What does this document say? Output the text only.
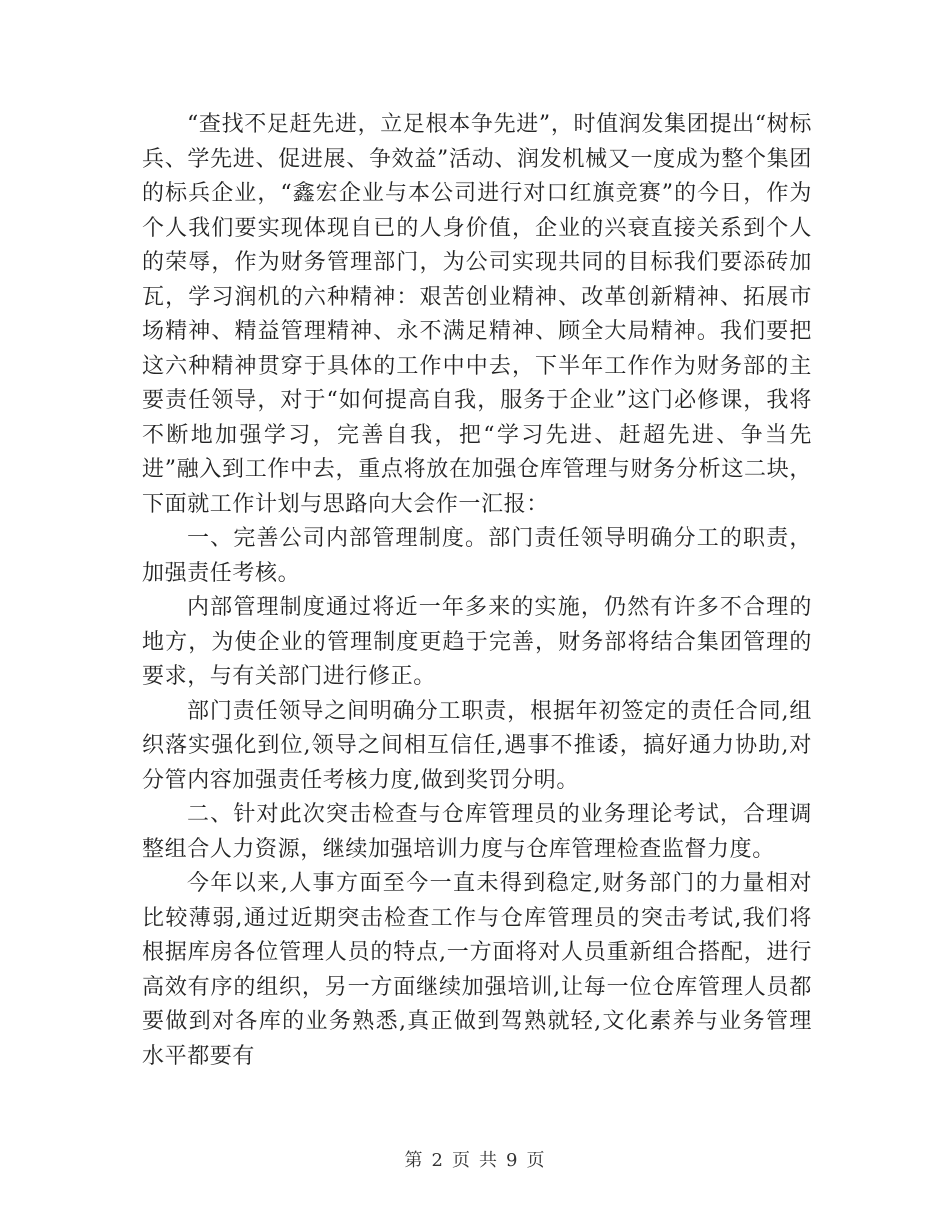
“查找不足赶先进，立足根本争先进”，时值润发集团提出“树标兵、学先进、促进展、争效益”活动、润发机械又一度成为整个集团的标兵企业，“鑫宏企业与本公司进行对口红旗竞赛”的今日，作为个人我们要实现体现自已的人身价值，企业的兴衰直接关系到个人的荣辱，作为财务管理部门，为公司实现共同的目标我们要添砖加瓦，学习润机的六种精神：艰苦创业精神、改革创新精神、拓展市场精神、精益管理精神、永不满足精神、顾全大局精神。我们要把这六种精神贯穿于具体的工作中中去，下半年工作作为财务部的主要责任领导，对于“如何提高自我，服务于企业”这门必修课，我将不断地加强学习，完善自我，把“学习先进、赶超先进、争当先进”融入到工作中去，重点将放在加强仓库管理与财务分析这二块，下面就工作计划与思路向大会作一汇报：

一、完善公司内部管理制度。部门责任领导明确分工的职责，加强责任考核。

内部管理制度通过将近一年多来的实施，仍然有许多不合理的地方，为使企业的管理制度更趋于完善，财务部将结合集团管理的要求，与有关部门进行修正。

部门责任领导之间明确分工职责，根据年初签定的责任合同,组织落实强化到位,领导之间相互信任,遇事不推诿，搞好通力协助,对分管内容加强责任考核力度,做到奖罚分明。

二、针对此次突击检查与仓库管理员的业务理论考试，合理调整组合人力资源，继续加强培训力度与仓库管理检查监督力度。

今年以来,人事方面至今一直未得到稳定,财务部门的力量相对比较薄弱,通过近期突击检查工作与仓库管理员的突击考试,我们将根据库房各位管理人员的特点,一方面将对人员重新组合搭配，进行高效有序的组织，另一方面继续加强培训,让每一位仓库管理人员都要做到对各库的业务熟悉,真正做到驾熟就轻,文化素养与业务管理水平都要有

第 2 页 共 9 页
